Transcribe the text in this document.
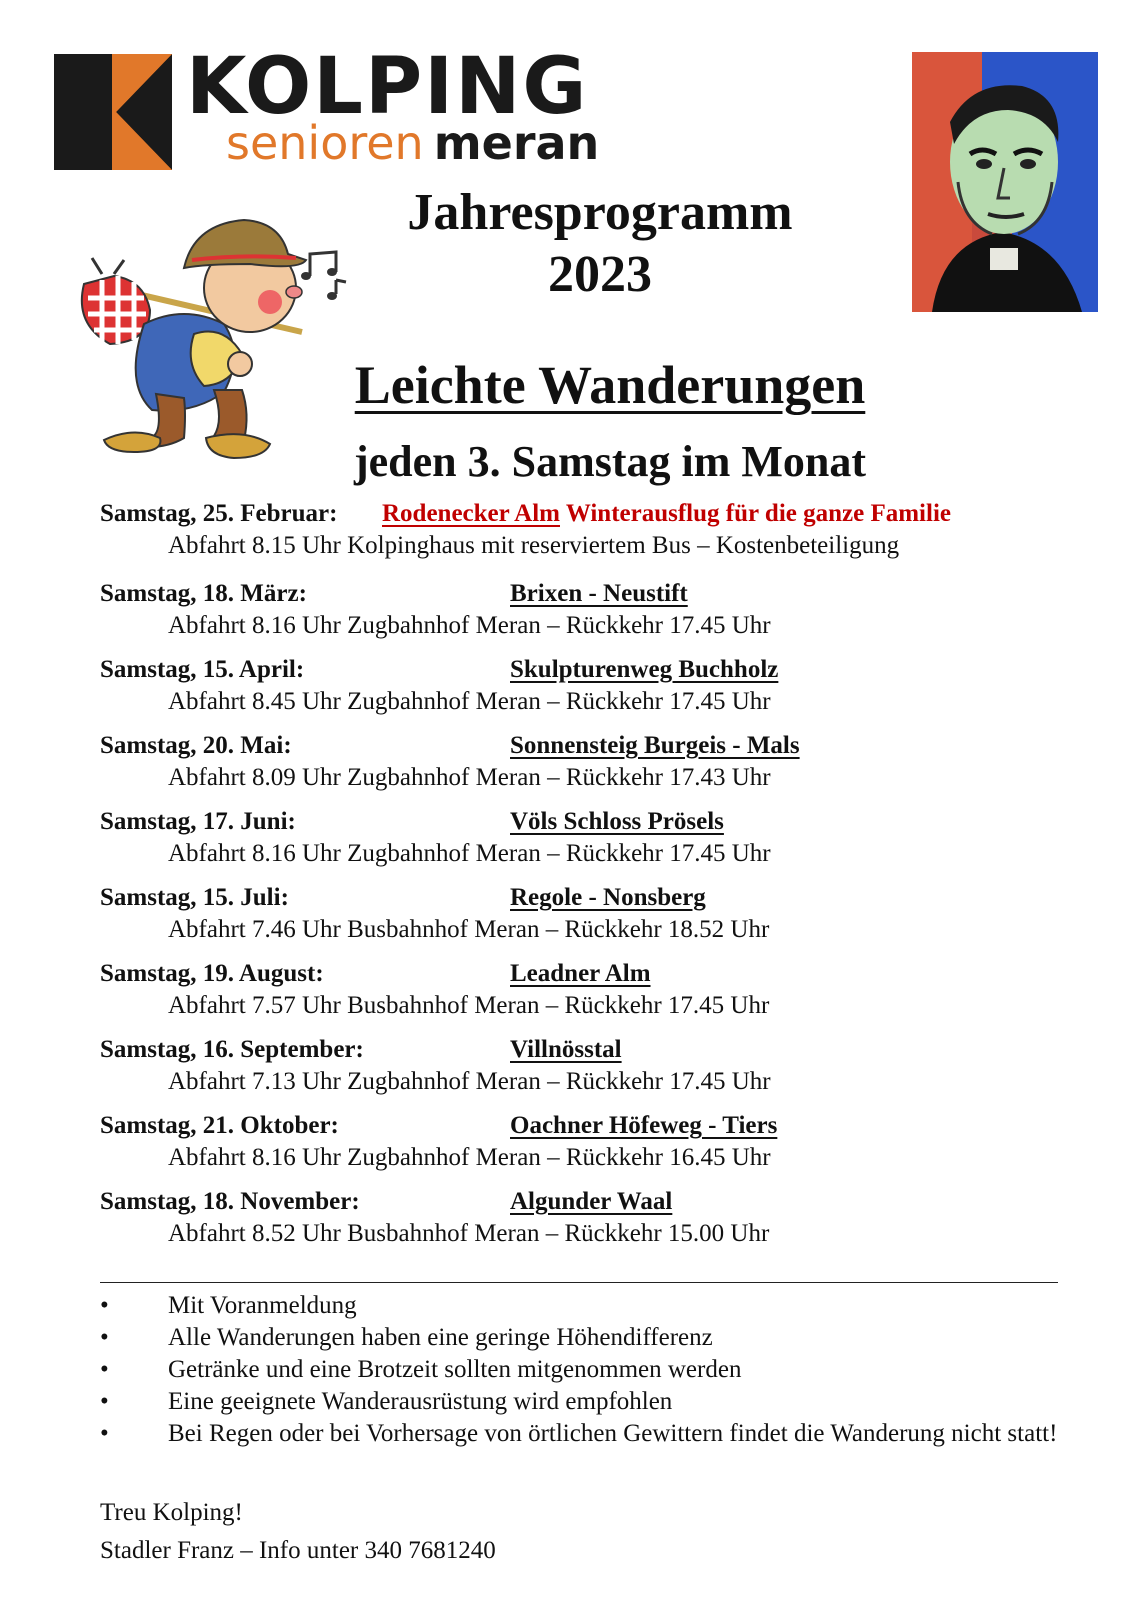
KOLPING
senioren meran
Jahresprogramm
2023
Leichte Wanderungen
jeden 3. Samstag im Monat
Samstag, 25. Februar: Rodenecker Alm Winterausflug für die ganze Familie
Abfahrt 8.15 Uhr Kolpinghaus mit reserviertem Bus – Kostenbeteiligung
Samstag, 18. März:	Brixen - Neustift
Abfahrt 8.16 Uhr Zugbahnhof Meran – Rückkehr 17.45 Uhr
Samstag, 15. April:	Skulpturenweg Buchholz
Abfahrt 8.45 Uhr Zugbahnhof Meran – Rückkehr 17.45 Uhr
Samstag, 20. Mai:	Sonnensteig Burgeis - Mals
Abfahrt 8.09 Uhr Zugbahnhof Meran – Rückkehr 17.43 Uhr
Samstag, 17. Juni:	Völs Schloss Prösels
Abfahrt 8.16 Uhr Zugbahnhof Meran – Rückkehr 17.45 Uhr
Samstag, 15. Juli:	Regole - Nonsberg
Abfahrt 7.46 Uhr Busbahnhof Meran – Rückkehr 18.52 Uhr
Samstag, 19. August:	Leadner Alm
Abfahrt 7.57 Uhr Busbahnhof Meran – Rückkehr 17.45 Uhr
Samstag, 16. September:	Villnösstal
Abfahrt 7.13 Uhr Zugbahnhof Meran – Rückkehr 17.45 Uhr
Samstag, 21. Oktober:	Oachner Höfeweg - Tiers
Abfahrt 8.16 Uhr Zugbahnhof Meran – Rückkehr 16.45 Uhr
Samstag, 18. November:	Algunder Waal
Abfahrt 8.52 Uhr Busbahnhof Meran – Rückkehr 15.00 Uhr
• Mit Voranmeldung
• Alle Wanderungen haben eine geringe Höhendifferenz
• Getränke und eine Brotzeit sollten mitgenommen werden
• Eine geeignete Wanderausrüstung wird empfohlen
• Bei Regen oder bei Vorhersage von örtlichen Gewittern findet die Wanderung nicht statt!
Treu Kolping!
Stadler Franz – Info unter 340 7681240
